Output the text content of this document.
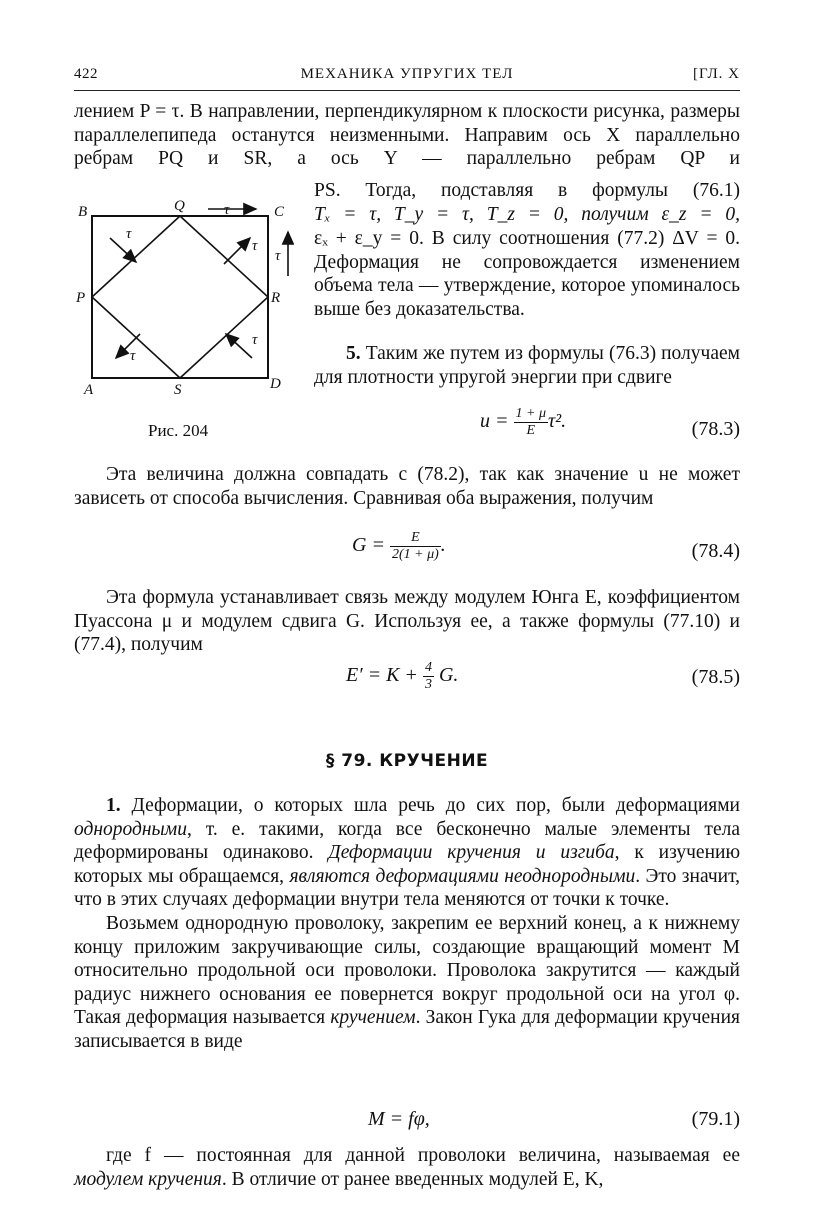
422	МЕХАНИКА УПРУГИХ ТЕЛ	[ГЛ. X

лением P = τ. В направлении, перпендикулярном к плоскости рисунка, размеры параллелепипеда останутся неизменными. Направим ось X параллельно ребрам PQ и SR, а ось Y — параллельно ребрам QP и

B	Q	C
P	R
A	S	D
τ
τ
τ
τ
τ
τ

PS. Тогда, подставляя в формулы (76.1)

Tₓ = τ, T_y = τ, T_z = 0, получим ε_z = 0,

εₓ + ε_y = 0. В силу соотношения (77.2) ΔV = 0. Деформация не сопровождается изменением объема тела — утверждение, которое упоминалось выше без доказательства.

5. Таким же путем из формулы (76.3) получаем для плотности упругой энергии при сдвиге

Рис. 204	$u = \frac{1 + \mu}{E} \tau^2$.	(78.3)

Эта величина должна совпадать с (78.2), так как значение u не может зависеть от способа вычисления. Сравнивая оба выражения, получим

$G = \frac{E}{2(1 + \mu)}$ .	(78.4)

Эта формула устанавливает связь между модулем Юнга E, коэффициентом Пуассона μ и модулем сдвига G. Используя ее, а также формулы (77.10) и (77.4), получим

$E' = K + \frac{4}{3} G$.	(78.5)
§ 79. КРУЧЕНИЕ

1. Деформации, о которых шла речь до сих пор, были деформациями однородными, т. е. такими, когда все бесконечно малые элементы тела деформированы одинаково. Деформации кручения и изгиба, к изучению которых мы обращаемся, являются деформациями неоднородными. Это значит, что в этих случаях деформации внутри тела меняются от точки к точке.

Возьмем однородную проволоку, закрепим ее верхний конец, а к нижнему концу приложим закручивающие силы, создающие вращающий момент M относительно продольной оси проволоки. Проволока закрутится — каждый радиус нижнего основания ее повернется вокруг продольной оси на угол φ. Такая деформация называется кручением. Закон Гука для деформации кручения записывается в виде

M = fφ,	(79.1)

где f — постоянная для данной проволоки величина, называемая ее модулем кручения. В отличие от ранее введенных модулей E, K,
